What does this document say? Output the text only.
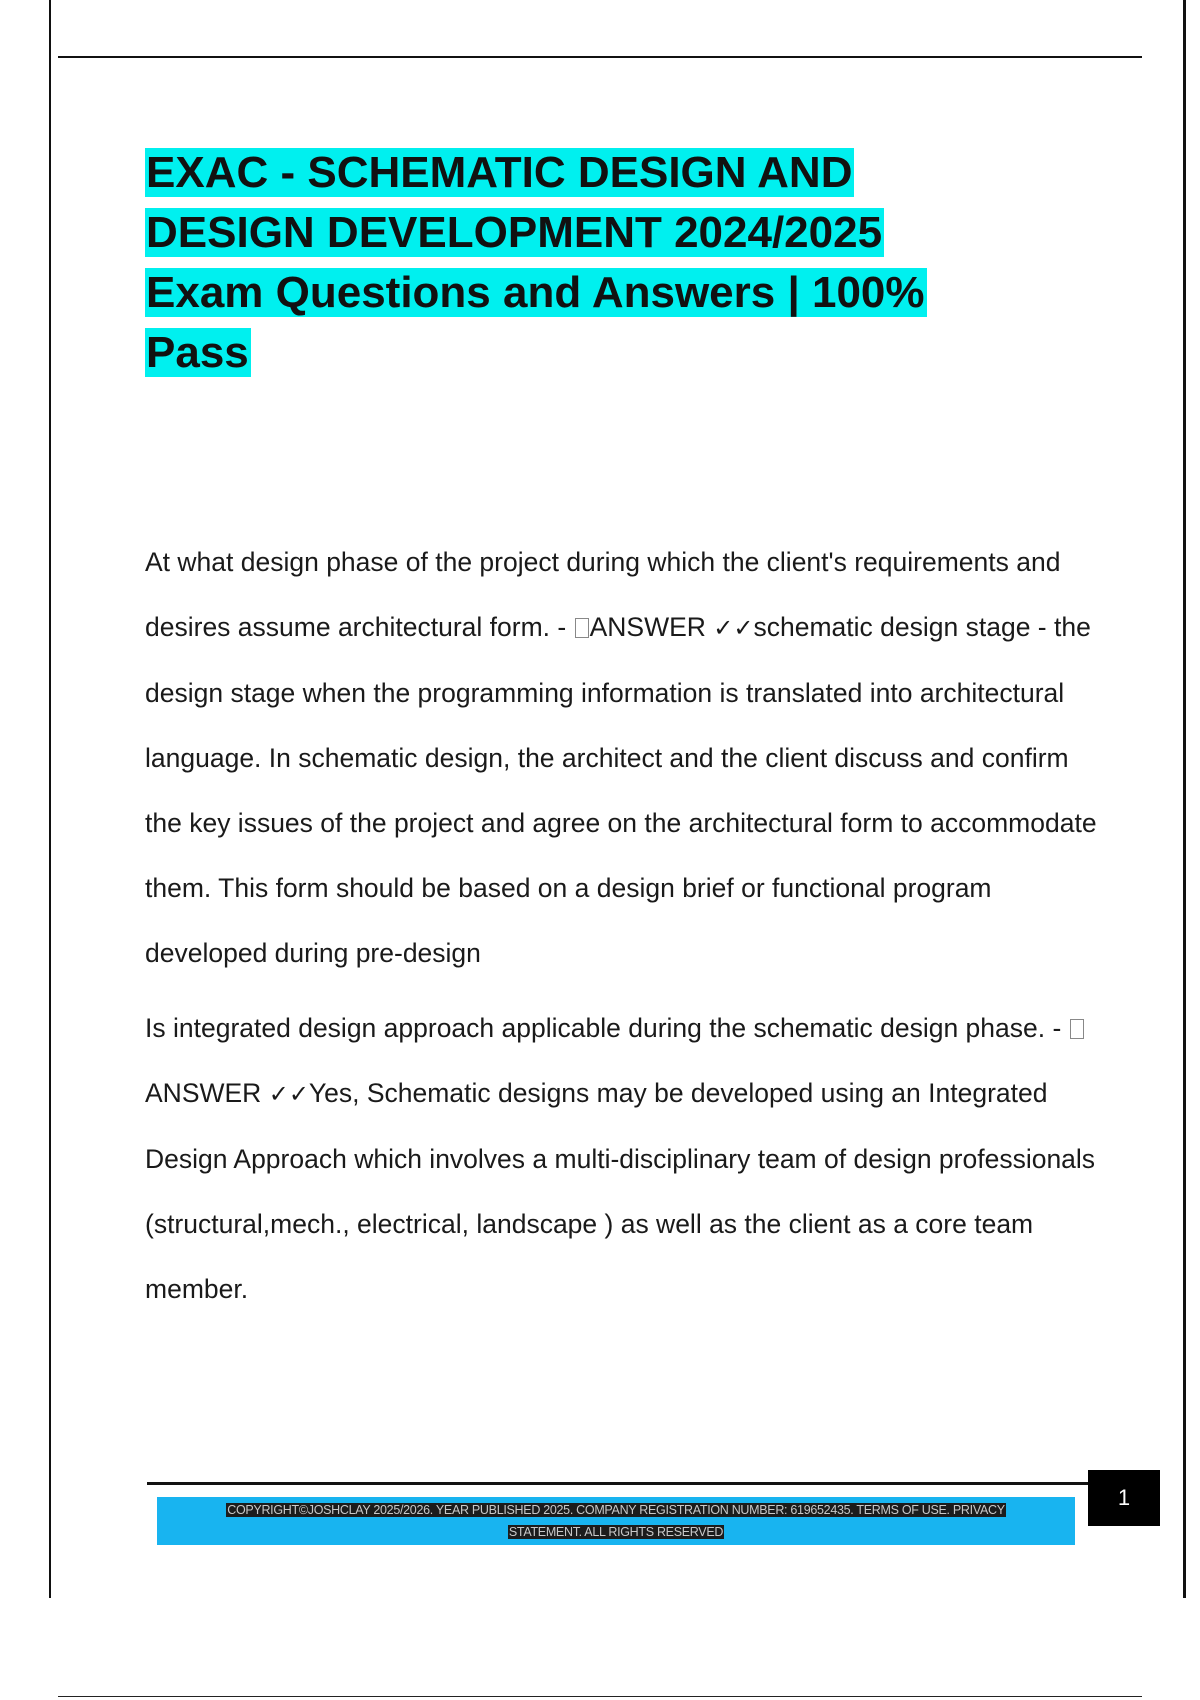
EXAC - SCHEMATIC DESIGN AND
DESIGN DEVELOPMENT 2024/2025
Exam Questions and Answers | 100%
Pass

At what design phase of the project during which the client's requirements and desires assume architectural form. - ANSWER ✓✓schematic design stage - the design stage when the programming information is translated into architectural language. In schematic design, the architect and the client discuss and confirm the key issues of the project and agree on the architectural form to accommodate them. This form should be based on a design brief or functional program developed during pre-design

Is integrated design approach applicable during the schematic design phase. - ANSWER ✓✓Yes, Schematic designs may be developed using an Integrated Design Approach which involves a multi-disciplinary team of design professionals (structural,mech., electrical, landscape ) as well as the client as a core team member.

COPYRIGHT©JOSHCLAY 2025/2026. YEAR PUBLISHED 2025. COMPANY REGISTRATION NUMBER: 619652435. TERMS OF USE. PRIVACY
STATEMENT. ALL RIGHTS RESERVED
1
